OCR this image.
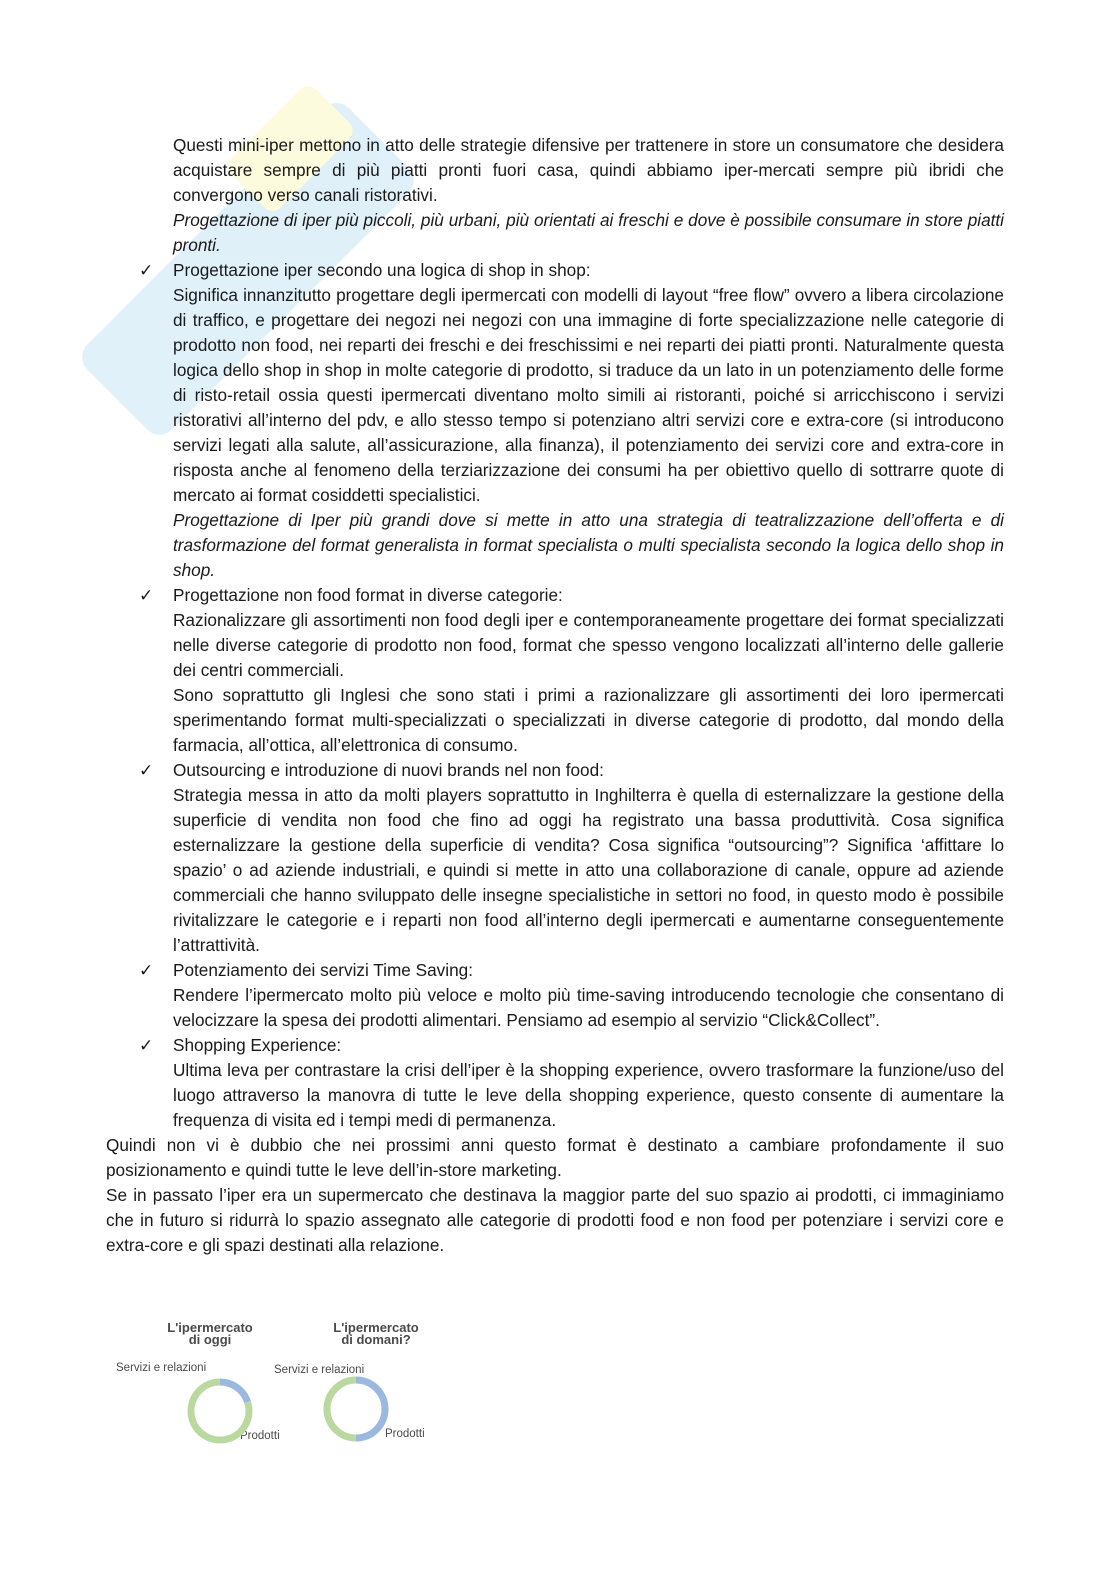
Questi mini-iper mettono in atto delle strategie difensive per trattenere in store un consumatore che desidera acquistare sempre di più piatti pronti fuori casa, quindi abbiamo iper-mercati sempre più ibridi che convergono verso canali ristorativi.

Progettazione di iper più piccoli, più urbani, più orientati ai freschi e dove è possibile consumare in store piatti pronti.

✓ Progettazione iper secondo una logica di shop in shop:

Significa innanzitutto progettare degli ipermercati con modelli di layout “free flow” ovvero a libera circolazione di traffico, e progettare dei negozi nei negozi con una immagine di forte specializzazione nelle categorie di prodotto non food, nei reparti dei freschi e dei freschissimi e nei reparti dei piatti pronti. Naturalmente questa logica dello shop in shop in molte categorie di prodotto, si traduce da un lato in un potenziamento delle forme di risto-retail ossia questi ipermercati diventano molto simili ai ristoranti, poiché si arricchiscono i servizi ristorativi all’interno del pdv, e allo stesso tempo si potenziano altri servizi core e extra-core (si introducono servizi legati alla salute, all’assicurazione, alla finanza), il potenziamento dei servizi core and extra-core in risposta anche al fenomeno della terziarizzazione dei consumi ha per obiettivo quello di sottrarre quote di mercato ai format cosiddetti specialistici.

Progettazione di Iper più grandi dove si mette in atto una strategia di teatralizzazione dell’offerta e di trasformazione del format generalista in format specialista o multi specialista secondo la logica dello shop in shop.

✓ Progettazione non food format in diverse categorie:

Razionalizzare gli assortimenti non food degli iper e contemporaneamente progettare dei format specializzati nelle diverse categorie di prodotto non food, format che spesso vengono localizzati all’interno delle gallerie dei centri commerciali.

Sono soprattutto gli Inglesi che sono stati i primi a razionalizzare gli assortimenti dei loro ipermercati sperimentando format multi-specializzati o specializzati in diverse categorie di prodotto, dal mondo della farmacia, all’ottica, all’elettronica di consumo.

✓ Outsourcing e introduzione di nuovi brands nel non food:

Strategia messa in atto da molti players soprattutto in Inghilterra è quella di esternalizzare la gestione della superficie di vendita non food che fino ad oggi ha registrato una bassa produttività. Cosa significa esternalizzare la gestione della superficie di vendita? Cosa significa “outsourcing”? Significa ‘affittare lo spazio’ o ad aziende industriali, e quindi si mette in atto una collaborazione di canale, oppure ad aziende commerciali che hanno sviluppato delle insegne specialistiche in settori no food, in questo modo è possibile rivitalizzare le categorie e i reparti non food all’interno degli ipermercati e aumentarne conseguentemente l’attrattività.

✓ Potenziamento dei servizi Time Saving:

Rendere l’ipermercato molto più veloce e molto più time-saving introducendo tecnologie che consentano di velocizzare la spesa dei prodotti alimentari. Pensiamo ad esempio al servizio “Click&Collect”.

✓ Shopping Experience:

Ultima leva per contrastare la crisi dell’iper è la shopping experience, ovvero trasformare la funzione/uso del luogo attraverso la manovra di tutte le leve della shopping experience, questo consente di aumentare la frequenza di visita ed i tempi medi di permanenza.

Quindi non vi è dubbio che nei prossimi anni questo format è destinato a cambiare profondamente il suo posizionamento e quindi tutte le leve dell’in-store marketing.

Se in passato l’iper era un supermercato che destinava la maggior parte del suo spazio ai prodotti, ci immaginiamo che in futuro si ridurrà lo spazio assegnato alle categorie di prodotti food e non food per potenziare i servizi core e extra-core e gli spazi destinati alla relazione.

L'ipermercato
di oggi
Servizi e relazioni
Prodotti
L'ipermercato
di domani?
Servizi e relazioni
Prodotti
